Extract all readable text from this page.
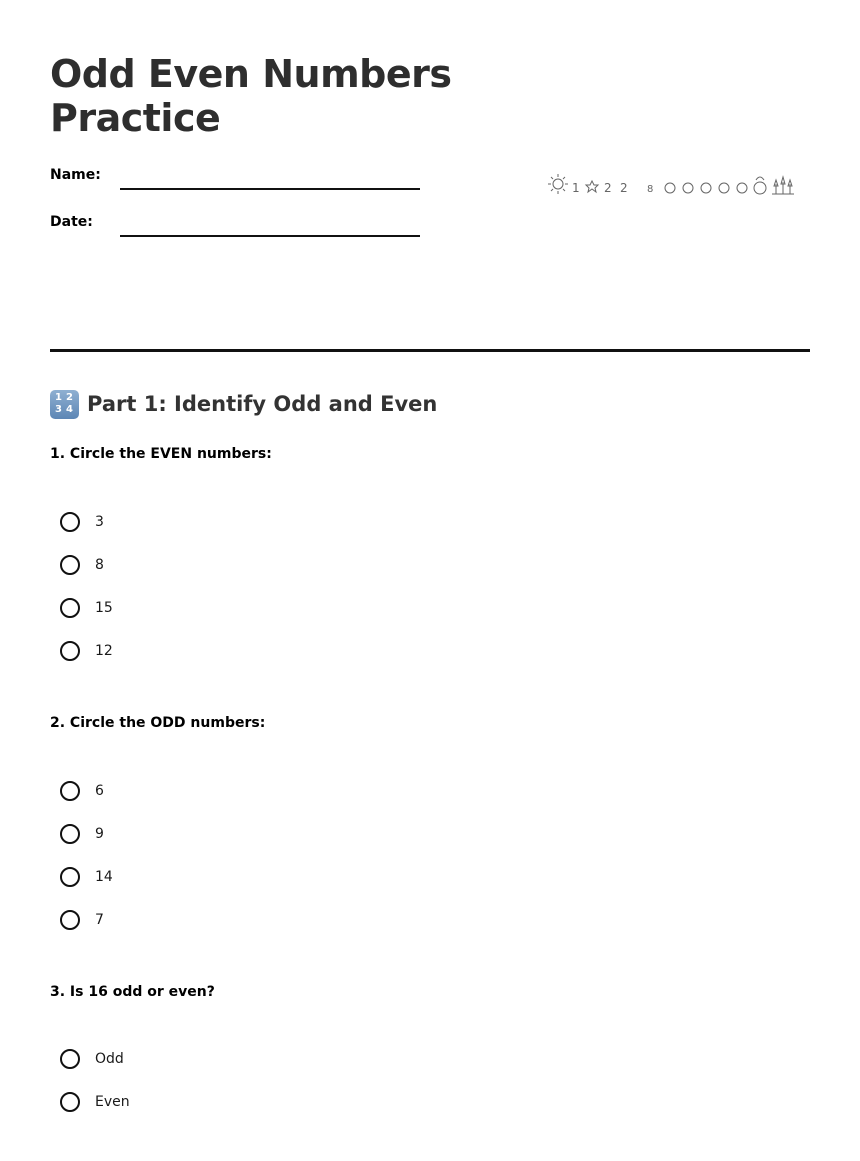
Odd Even Numbers Practice
Name:
Date:
1 2 2 8
1 2
3 4 Part 1: Identify Odd and Even
1. Circle the EVEN numbers:
3
8
15
12
2. Circle the ODD numbers:
6
9
14
7
3. Is 16 odd or even?
Odd
Even
